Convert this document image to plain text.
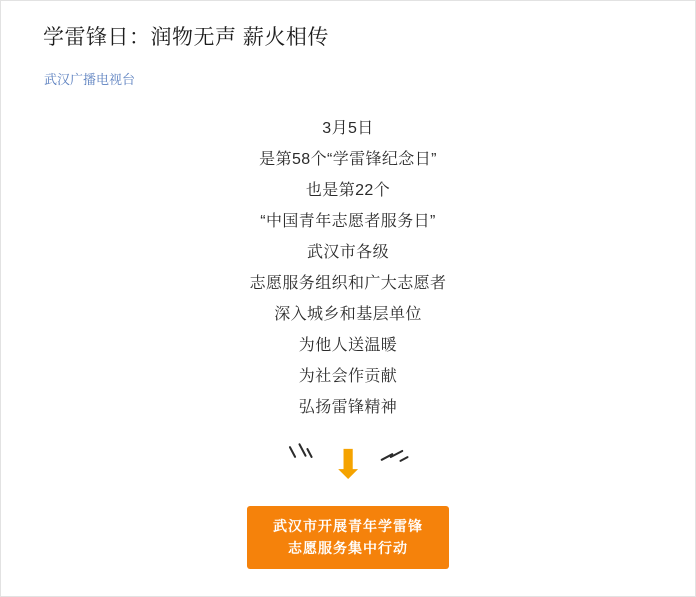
学雷锋日：润物无声 薪火相传
武汉广播电视台
3月5日
是第58个“学雷锋纪念日”
也是第22个
“中国青年志愿者服务日”
武汉市各级
志愿服务组织和广大志愿者
深入城乡和基层单位
为他人送温暖
为社会作贡献
弘扬雷锋精神
⬇
武汉市开展青年学雷锋
志愿服务集中行动
